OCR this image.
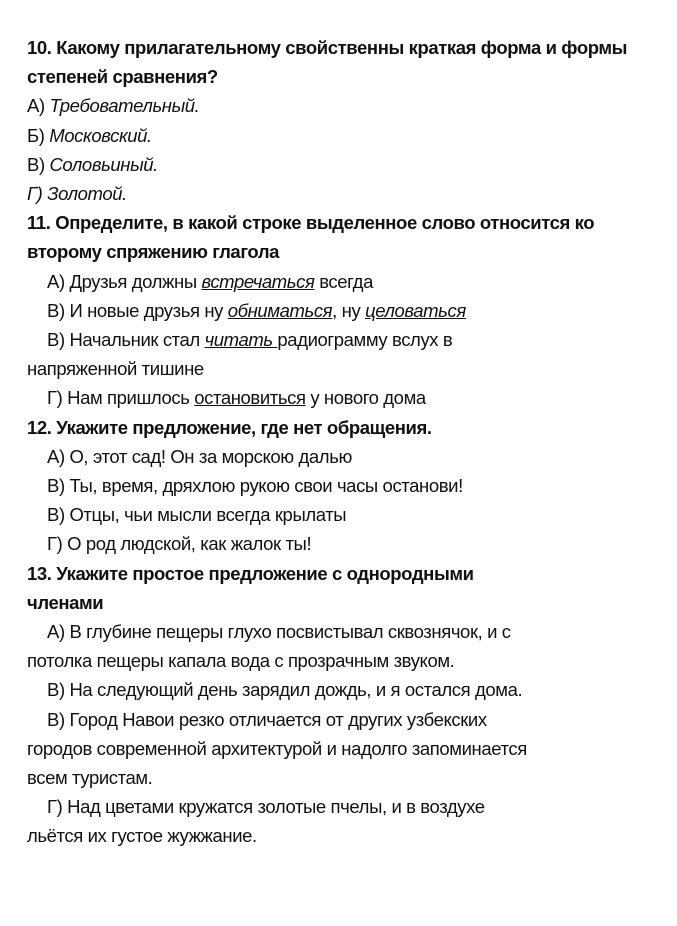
10. Какому прилагательному свойственны краткая форма и формы степеней сравнения?
А) Требовательный.
Б) Московский.
В) Соловьиный.
Г) Золотой.
11. Определите, в какой строке выделенное слово относится ко второму спряжению глагола
А) Друзья должны встречаться всегда
В) И новые друзья ну обниматься, ну целоваться
В) Начальник стал читать радиограмму вслух в
напряженной тишине
Г) Нам пришлось остановиться у нового дома
12. Укажите предложение, где нет обращения.
А) О, этот сад! Он за морскою далью
В) Ты, время, дряхлою рукою свои часы останови!
В) Отцы, чьи мысли всегда крылаты
Г) О род людской, как жалок ты!
13. Укажите простое предложение с однородными
членами
А) В глубине пещеры глухо посвистывал сквознячок, и с
потолка пещеры капала вода с прозрачным звуком.
В) На следующий день зарядил дождь, и я остался дома.
В) Город Навои резко отличается от других узбекских
городов современной архитектурой и надолго запоминается
всем туристам.
Г) Над цветами кружатся золотые пчелы, и в воздухе
льётся их густое жужжание.
